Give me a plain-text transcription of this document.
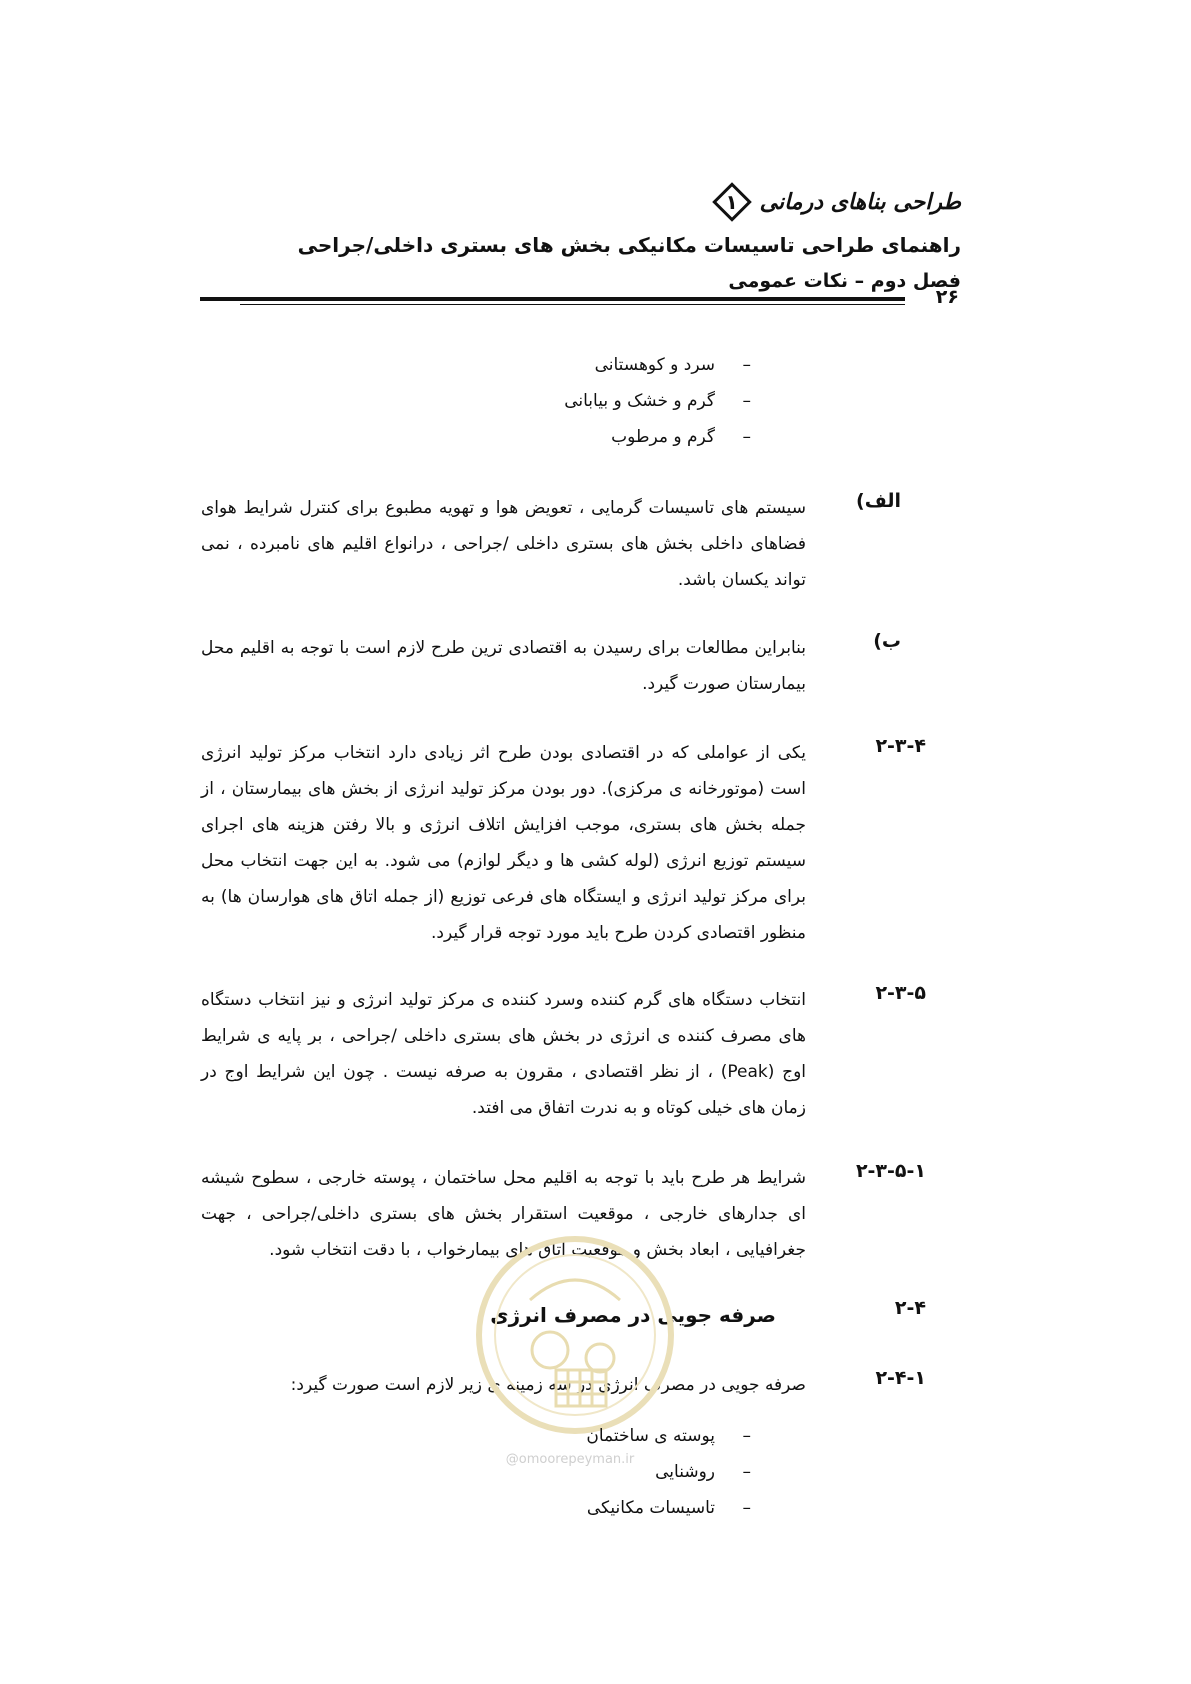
طراحی بناهای درمانی
۱
راهنمای طراحی تاسیسات مکانیکی بخش های بستری داخلی/جراحی
فصل دوم – نکات عمومی
۲۶
–
سرد و کوهستانی
–
گرم و خشک و بیابانی
–
گرم و مرطوب
الف)
سیستم های تاسیسات گرمایی ، تعویض هوا و تهویه مطبوع برای کنترل شرایط هوای فضاهای داخلی بخش های بستری داخلی /جراحی ، درانواع اقلیم های نامبرده ، نمی تواند یکسان باشد.
ب)
بنابراین مطالعات برای رسیدن به اقتصادی ترین طرح لازم است با توجه به اقلیم محل بیمارستان صورت گیرد.
۲-۳-۴
یکی از عواملی که در اقتصادی بودن طرح اثر زیادی دارد انتخاب مرکز تولید انرژی است (موتورخانه ی مرکزی). دور بودن مرکز تولید انرژی از بخش های بیمارستان ، از جمله بخش های بستری، موجب افزایش اتلاف انرژی و بالا رفتن هزینه های اجرای سیستم توزیع انرژی (لوله کشی ها و دیگر لوازم) می شود. به این جهت انتخاب محل برای مرکز تولید انرژی و ایستگاه های فرعی توزیع (از جمله اتاق های هوارسان ها) به منظور اقتصادی کردن طرح باید مورد توجه قرار گیرد.
۲-۳-۵
انتخاب دستگاه های گرم کننده وسرد کننده ی مرکز تولید انرژی و نیز انتخاب دستگاه های مصرف کننده ی انرژی در بخش های بستری داخلی /جراحی ، بر پایه ی شرایط اوج (Peak) ، از نظر اقتصادی ، مقرون به صرفه نیست . چون این شرایط اوج در زمان های خیلی کوتاه و به ندرت اتفاق می افتد.
۲-۳-۵-۱
شرایط هر طرح باید با توجه به اقلیم محل ساختمان ، پوسته خارجی ، سطوح شیشه ای جدارهای خارجی ، موقعیت استقرار بخش های بستری داخلی/جراحی ، جهت جغرافیایی ، ابعاد بخش و موقعیت اتاق های بیمارخواب ، با دقت انتخاب شود.
۲-۴
صرفه جویی در مصرف انرژی
۲-۴-۱
صرفه جویی در مصرف انرژی در سه زمینه ی زیر لازم است صورت گیرد:
–
پوسته ی ساختمان
–
روشنایی
–
تاسیسات مکانیکی
@omoorepeyman.ir
